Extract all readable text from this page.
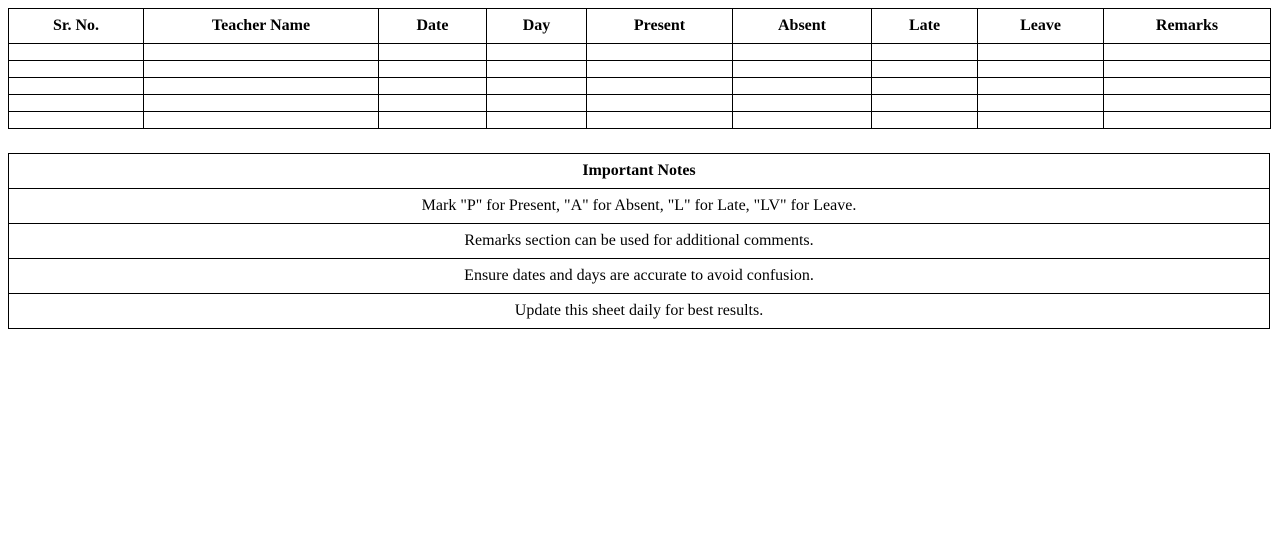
Sr. No.	Teacher Name	Date	Day	Present	Absent	Late	Leave	Remarks

Important Notes
Mark "P" for Present, "A" for Absent, "L" for Late, "LV" for Leave.
Remarks section can be used for additional comments.
Ensure dates and days are accurate to avoid confusion.
Update this sheet daily for best results.
